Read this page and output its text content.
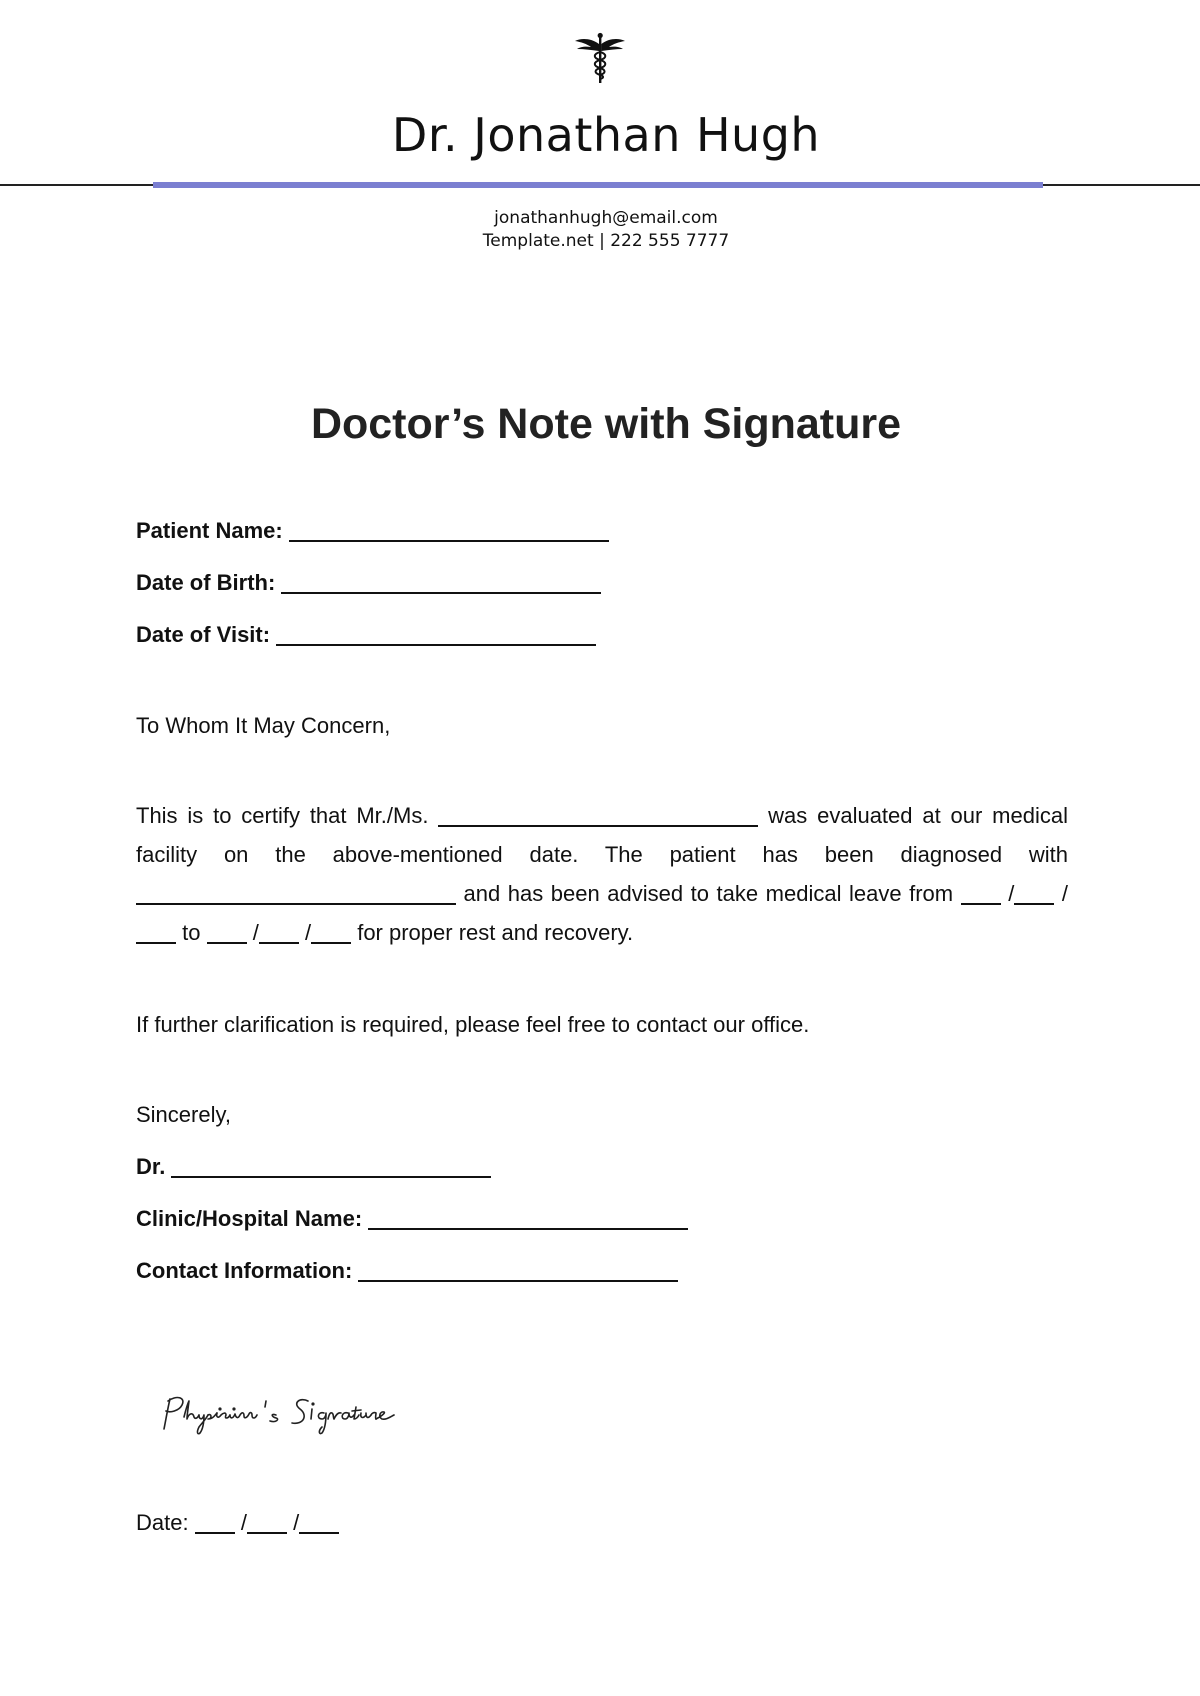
Dr. Jonathan Hugh
jonathanhugh@email.com
Template.net | 222 555 7777
Doctor’s Note with Signature
Patient Name:
Date of Birth:
Date of Visit:
To Whom It May Concern,
This is to certify that Mr./Ms.	was evaluated at our medical facility on the above-mentioned date. The patient has been diagnosed with  and has been advised to take medical leave from  / / to  / / for proper rest and recovery.
If further clarification is required, please feel free to contact our office.
Sincerely,
Dr.
Clinic/Hospital Name:
Contact Information:
Date:  / /
